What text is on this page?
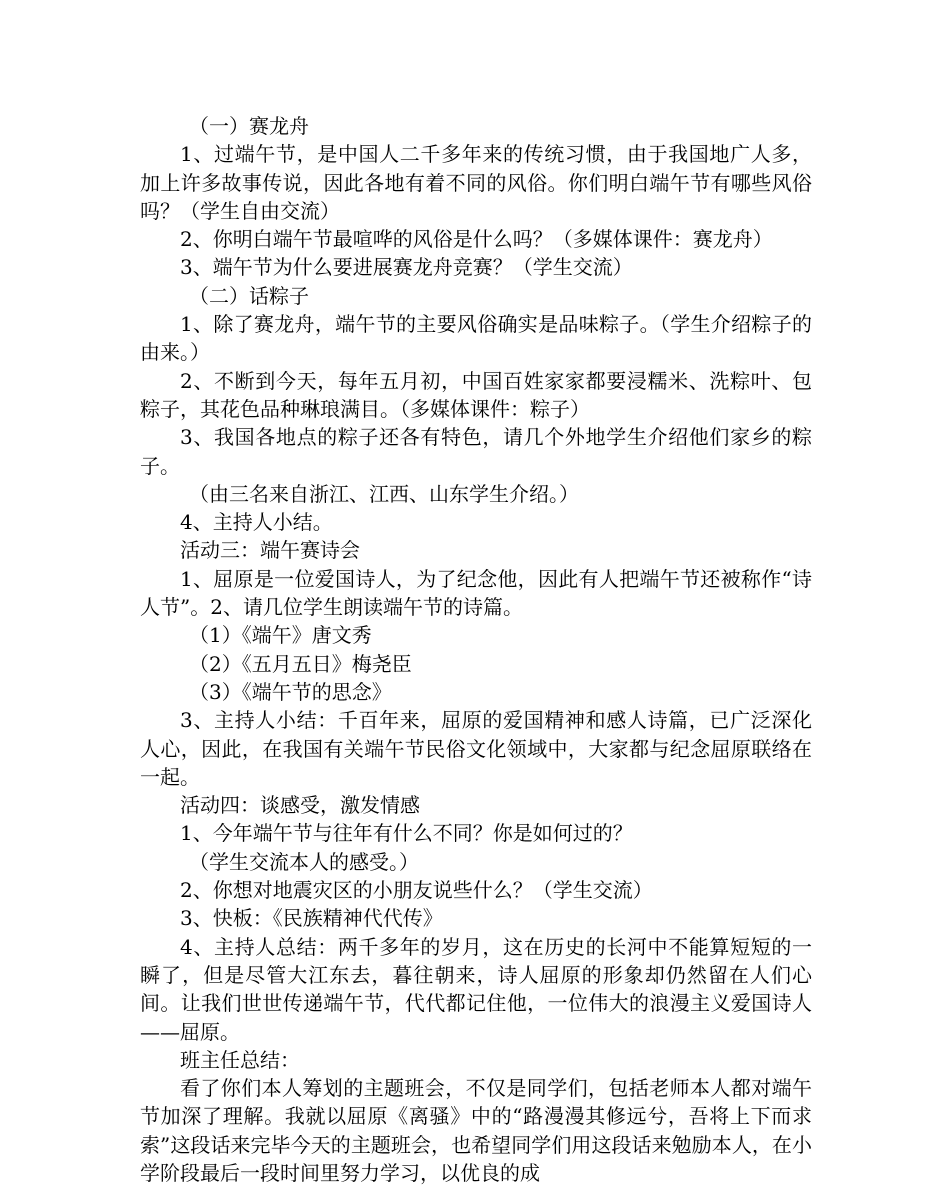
（一）赛龙舟

1、过端午节，是中国人二千多年来的传统习惯，由于我国地广人多，加上许多故事传说，因此各地有着不同的风俗。你们明白端午节有哪些风俗吗？（学生自由交流）

2、你明白端午节最喧哗的风俗是什么吗？（多媒体课件：赛龙舟）

3、端午节为什么要进展赛龙舟竞赛？（学生交流）

（二）话粽子

1、除了赛龙舟，端午节的主要风俗确实是品味粽子。（学生介绍粽子的由来。）

2、不断到今天，每年五月初，中国百姓家家都要浸糯米、洗粽叶、包粽子，其花色品种琳琅满目。（多媒体课件：粽子）

3、我国各地点的粽子还各有特色，请几个外地学生介绍他们家乡的粽子。

（由三名来自浙江、江西、山东学生介绍。）

4、主持人小结。

活动三：端午赛诗会

1、屈原是一位爱国诗人，为了纪念他，因此有人把端午节还被称作“诗人节”。2、请几位学生朗读端午节的诗篇。

（1）《端午》唐文秀

（2）《五月五日》梅尧臣

（3）《端午节的思念》

3、主持人小结：千百年来，屈原的爱国精神和感人诗篇，已广泛深化人心，因此，在我国有关端午节民俗文化领域中，大家都与纪念屈原联络在一起。

活动四：谈感受，激发情感

1、今年端午节与往年有什么不同？你是如何过的？

（学生交流本人的感受。）

2、你想对地震灾区的小朋友说些什么？（学生交流）

3、快板：《民族精神代代传》

4、主持人总结：两千多年的岁月，这在历史的长河中不能算短短的一瞬了，但是尽管大江东去，暮往朝来，诗人屈原的形象却仍然留在人们心间。让我们世世传递端午节，代代都记住他，一位伟大的浪漫主义爱国诗人——屈原。

班主任总结：

看了你们本人筹划的主题班会，不仅是同学们，包括老师本人都对端午节加深了理解。我就以屈原《离骚》中的“路漫漫其修远兮，吾将上下而求索”这段话来完毕今天的主题班会，也希望同学们用这段话来勉励本人，在小学阶段最后一段时间里努力学习，以优良的成
